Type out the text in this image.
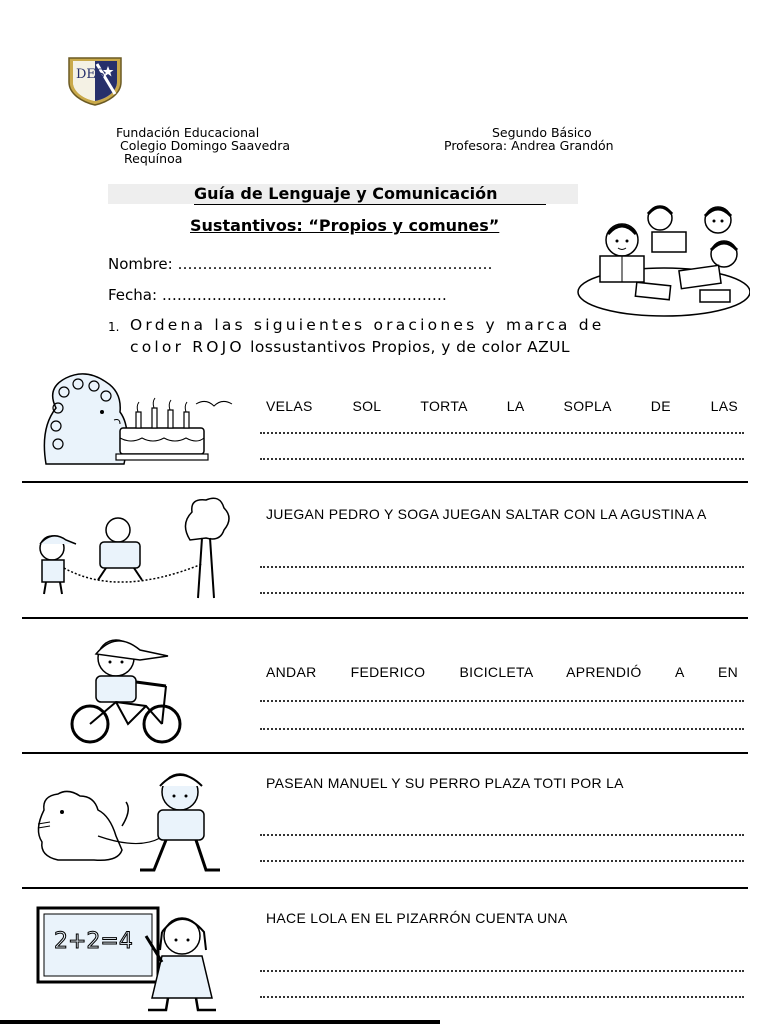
DES
Fundación Educacional
Colegio Domingo Saavedra
Requínoa
Segundo Básico
Profesora: Andrea Grandón
Guía de Lenguaje y Comunicación
Sustantivos: “Propios y comunes”
Nombre: ………………………………………………………
Fecha: …………………………………………………
1. Ordena las siguientes oraciones y marca de
color ROJO lossustantivos Propios, y de color AZUL
VELAS SOL TORTA LA SOPLA DE LAS
JUEGAN PEDRO Y SOGA JUEGAN SALTAR CON LA AGUSTINA A
ANDAR FEDERICO BICICLETA APRENDIÓ A EN
PASEAN MANUEL Y SU PERRO PLAZA TOTI POR LA
2+2=4
HACE LOLA EN EL PIZARRÓN CUENTA UNA
